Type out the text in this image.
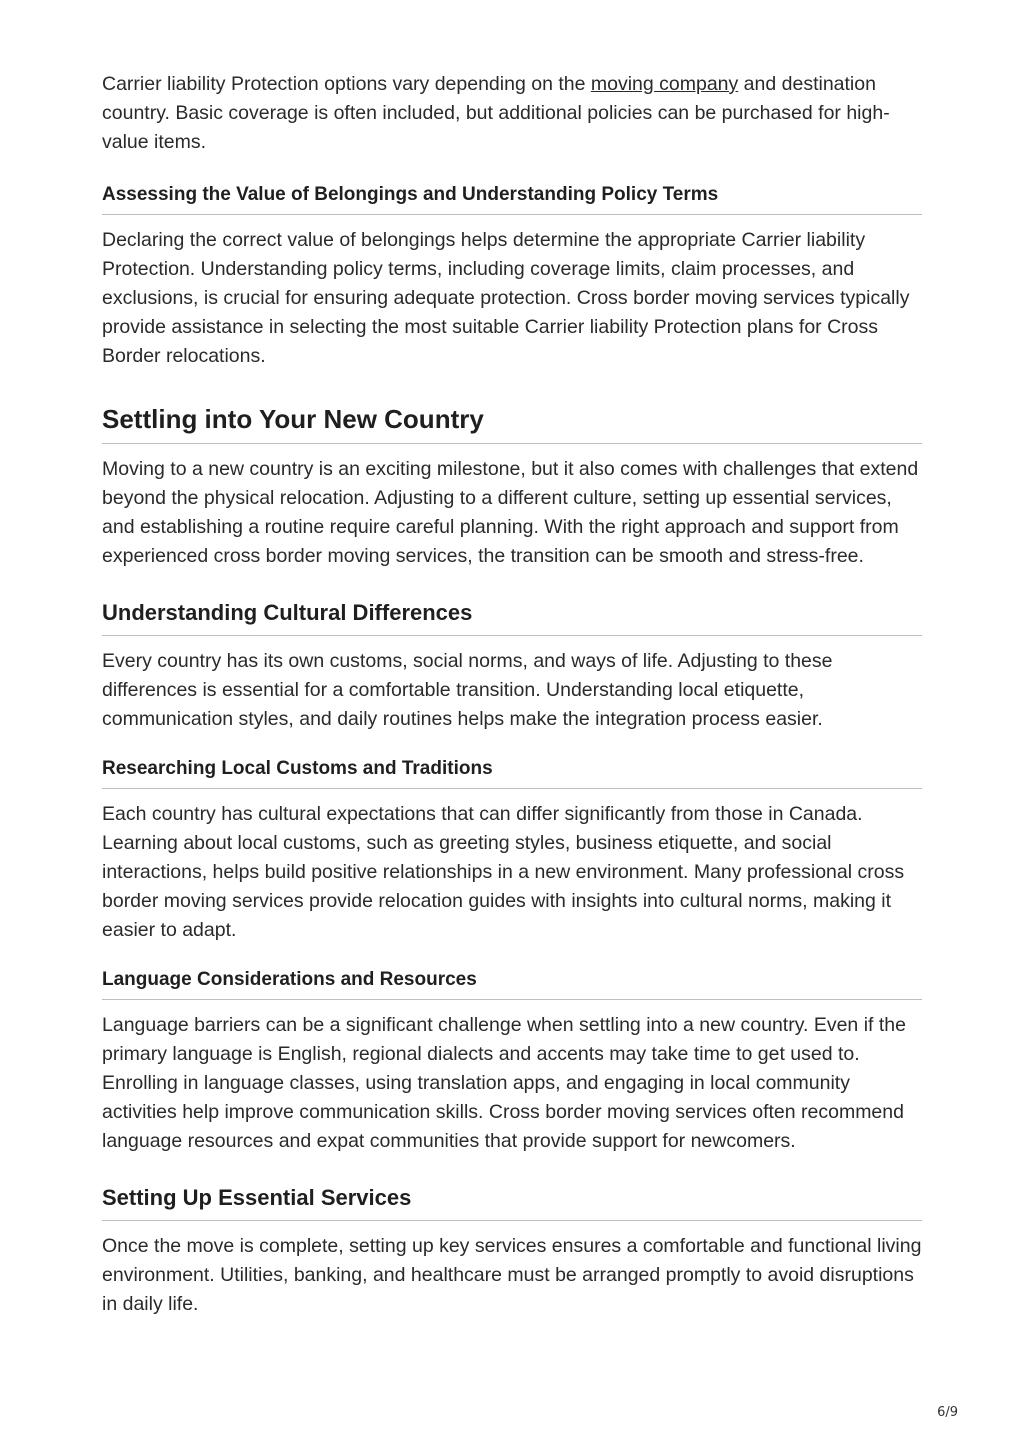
Carrier liability Protection options vary depending on the moving company and destination country. Basic coverage is often included, but additional policies can be purchased for high-value items.

Assessing the Value of Belongings and Understanding Policy Terms

Declaring the correct value of belongings helps determine the appropriate Carrier liability Protection. Understanding policy terms, including coverage limits, claim processes, and exclusions, is crucial for ensuring adequate protection. Cross border moving services typically provide assistance in selecting the most suitable Carrier liability Protection plans for Cross Border relocations.

Settling into Your New Country

Moving to a new country is an exciting milestone, but it also comes with challenges that extend beyond the physical relocation. Adjusting to a different culture, setting up essential services, and establishing a routine require careful planning. With the right approach and support from experienced cross border moving services, the transition can be smooth and stress-free.

Understanding Cultural Differences

Every country has its own customs, social norms, and ways of life. Adjusting to these differences is essential for a comfortable transition. Understanding local etiquette, communication styles, and daily routines helps make the integration process easier.

Researching Local Customs and Traditions

Each country has cultural expectations that can differ significantly from those in Canada. Learning about local customs, such as greeting styles, business etiquette, and social interactions, helps build positive relationships in a new environment. Many professional cross border moving services provide relocation guides with insights into cultural norms, making it easier to adapt.

Language Considerations and Resources

Language barriers can be a significant challenge when settling into a new country. Even if the primary language is English, regional dialects and accents may take time to get used to. Enrolling in language classes, using translation apps, and engaging in local community activities help improve communication skills. Cross border moving services often recommend language resources and expat communities that provide support for newcomers.

Setting Up Essential Services

Once the move is complete, setting up key services ensures a comfortable and functional living environment. Utilities, banking, and healthcare must be arranged promptly to avoid disruptions in daily life.

6/9
